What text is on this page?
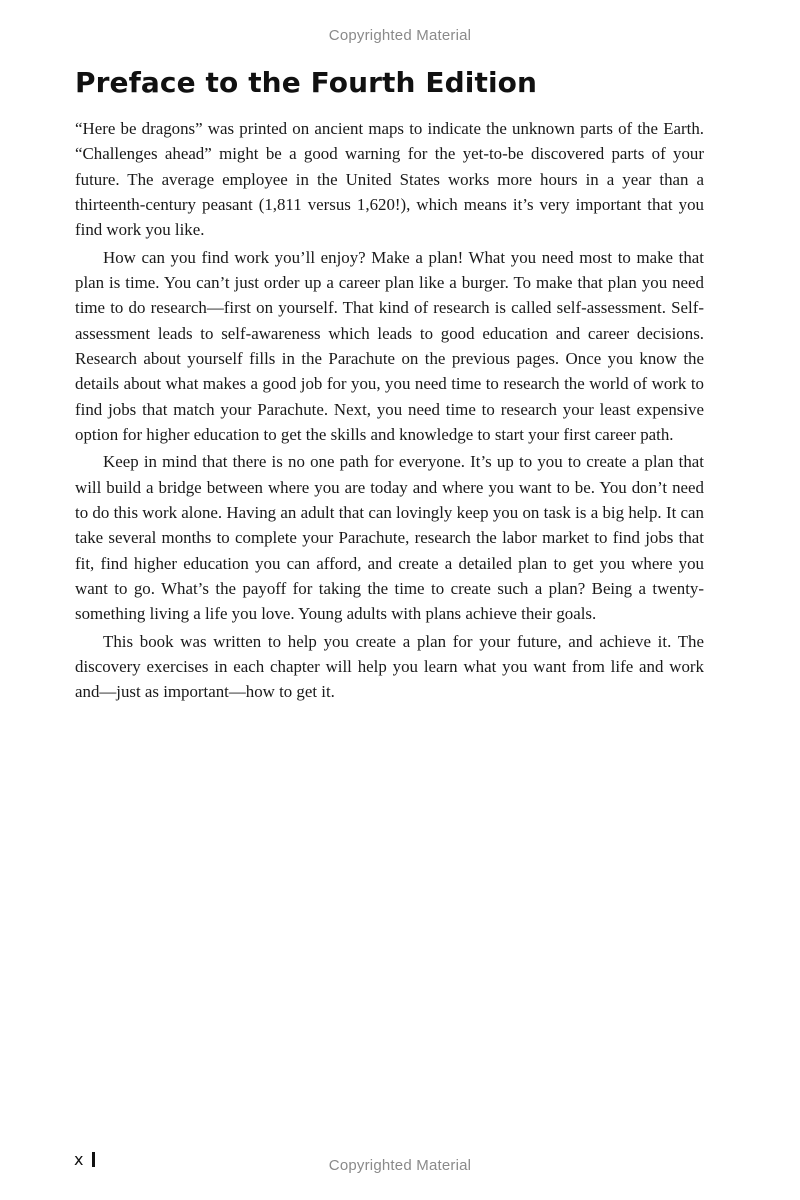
Copyrighted Material
Preface to the Fourth Edition

“Here be dragons” was printed on ancient maps to indicate the unknown parts of the Earth. “Challenges ahead” might be a good warning for the yet-to-be discovered parts of your future. The average employee in the United States works more hours in a year than a thirteenth-century peasant (1,811 versus 1,620!), which means it’s very important that you find work you like.

How can you find work you’ll enjoy? Make a plan! What you need most to make that plan is time. You can’t just order up a career plan like a burger. To make that plan you need time to do research—first on yourself. That kind of research is called self-assessment. Self-assessment leads to self-awareness which leads to good education and career decisions. Research about yourself fills in the Parachute on the previous pages. Once you know the details about what makes a good job for you, you need time to research the world of work to find jobs that match your Parachute. Next, you need time to research your least expensive option for higher education to get the skills and knowledge to start your first career path.

Keep in mind that there is no one path for everyone. It’s up to you to create a plan that will build a bridge between where you are today and where you want to be. You don’t need to do this work alone. Having an adult that can lovingly keep you on task is a big help. It can take several months to complete your Parachute, research the labor market to find jobs that fit, find higher education you can afford, and create a detailed plan to get you where you want to go. What’s the payoff for taking the time to create such a plan? Being a twenty-something living a life you love. Young adults with plans achieve their goals.

This book was written to help you create a plan for your future, and achieve it. The discovery exercises in each chapter will help you learn what you want from life and work and—just as important—how to get it.

x	Copyrighted Material
